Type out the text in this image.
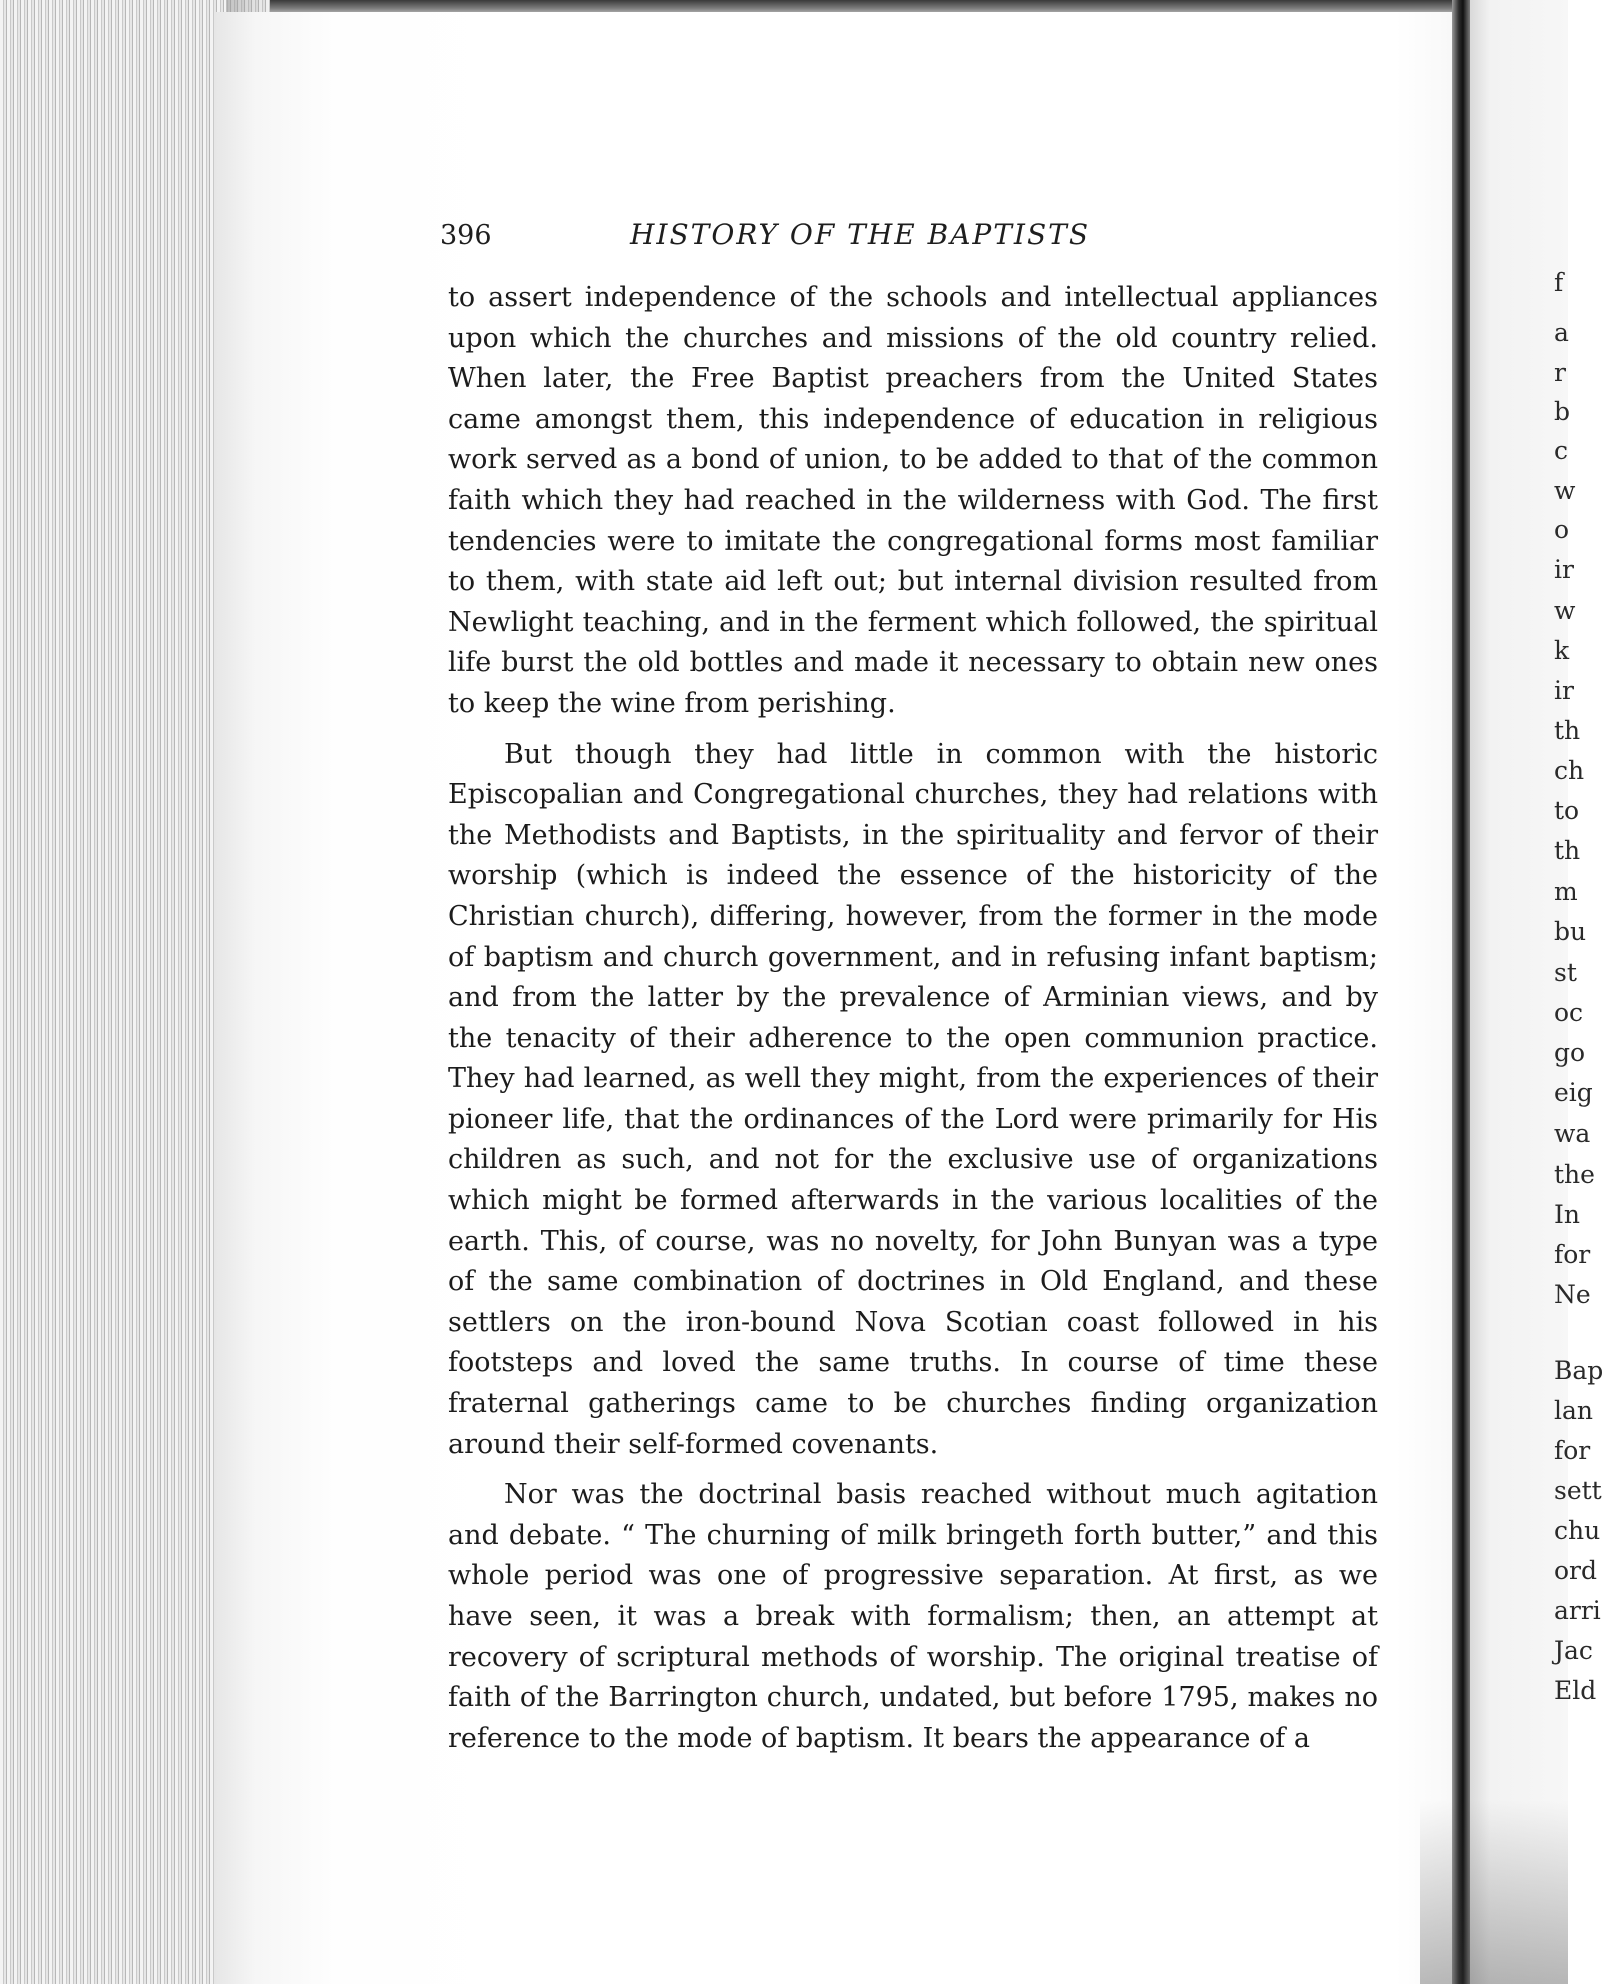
f
a
r
b
c
w
o
ir
w
k
ir
th
ch
to
th
m
bu
st
oc
go
eig
wa
the
In
for
Ne
Bap
lan
for
sett
chu
ord
arri
Jac
Eld
396	HISTORY OF THE BAPTISTS

to assert independence of the schools and intellectual appliances upon which the churches and missions of the old country relied. When later, the Free Baptist preachers from the United States came amongst them, this independence of education in religious work served as a bond of union, to be added to that of the common faith which they had reached in the wilderness with God. The first tendencies were to imitate the congregational forms most familiar to them, with state aid left out; but internal division resulted from Newlight teaching, and in the ferment which followed, the spiritual life burst the old bottles and made it necessary to obtain new ones to keep the wine from perishing.

But though they had little in common with the historic Episcopalian and Congregational churches, they had relations with the Methodists and Baptists, in the spirituality and fervor of their worship (which is indeed the essence of the historicity of the Christian church), differing, however, from the former in the mode of baptism and church government, and in refusing infant baptism; and from the latter by the prevalence of Arminian views, and by the tenacity of their adherence to the open communion practice. They had learned, as well they might, from the experiences of their pioneer life, that the ordinances of the Lord were primarily for His children as such, and not for the exclusive use of organizations which might be formed afterwards in the various localities of the earth. This, of course, was no novelty, for John Bunyan was a type of the same combination of doctrines in Old England, and these settlers on the iron-bound Nova Scotian coast followed in his footsteps and loved the same truths. In course of time these fraternal gatherings came to be churches finding organization around their self-formed covenants.

Nor was the doctrinal basis reached without much agitation and debate. “ The churning of milk bringeth forth butter,” and this whole period was one of progressive separation. At first, as we have seen, it was a break with formalism; then, an attempt at recovery of scriptural methods of worship. The original treatise of faith of the Barrington church, undated, but before 1795, makes no reference to the mode of baptism. It bears the appearance of a
